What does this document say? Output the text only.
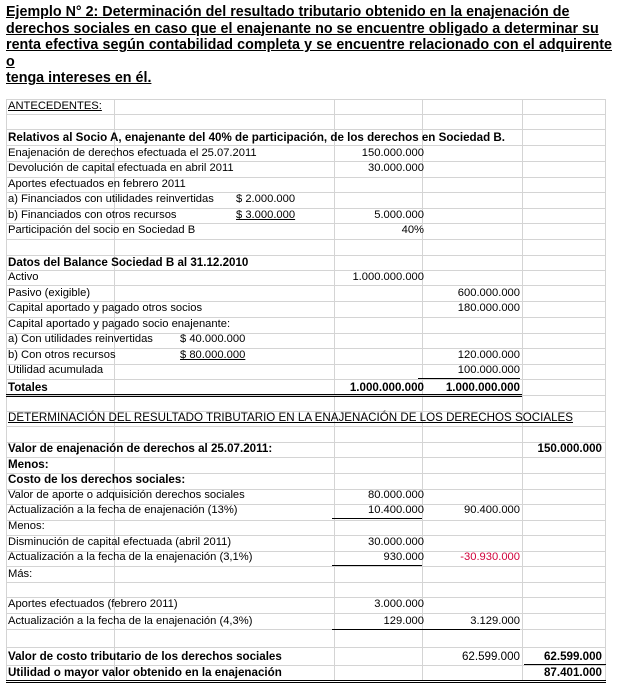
Ejemplo N° 2: Determinación del resultado tributario obtenido en la enajenación de
derechos sociales en caso que el enajenante no se encuentre obligado a determinar su
renta efectiva según contabilidad completa y se encuentre relacionado con el adquirente o
tenga intereses en él.
ANTECEDENTES:
Relativos al Socio A, enajenante del 40% de participación, de los derechos en Sociedad B.
Enajenación de derechos efectuada el 25.07.2011	150.000.000
Devolución de capital efectuada en abril 2011	30.000.000
Aportes efectuados en febrero 2011
a) Financiados con utilidades reinvertidas $ 2.000.000
b) Financiados con otros recursos	$ 3.000.000	5.000.000
Participación del socio en Sociedad B	40%
Datos del Balance Sociedad B al 31.12.2010
Activo	1.000.000.000
Pasivo (exigible)	600.000.000
Capital aportado y pagado otros socios	180.000.000
Capital aportado y pagado socio enajenante:
a) Con utilidades reinvertidas $ 40.000.000
b) Con otros recursos	$ 80.000.000	120.000.000
Utilidad acumulada	100.000.000
Totales	1.000.000.000 1.000.000.000
DETERMINACIÓN DEL RESULTADO TRIBUTARIO EN LA ENAJENACIÓN DE LOS DERECHOS SOCIALES
Valor de enajenación de derechos al 25.07.2011:	150.000.000
Menos:
Costo de los derechos sociales:
Valor de aporte o adquisición derechos sociales	80.000.000
Actualización a la fecha de enajenación (13%)	10.400.000	90.400.000
Menos:
Disminución de capital efectuada (abril 2011)	30.000.000
Actualización a la fecha de la enajenación (3,1%)	930.000	-30.930.000
Más:
Aportes efectuados (febrero 2011)	3.000.000
Actualización a la fecha de la enajenación (4,3%)	129.000	3.129.000
Valor de costo tributario de los derechos sociales	62.599.000 62.599.000
Utilidad o mayor valor obtenido en la enajenación	87.401.000
